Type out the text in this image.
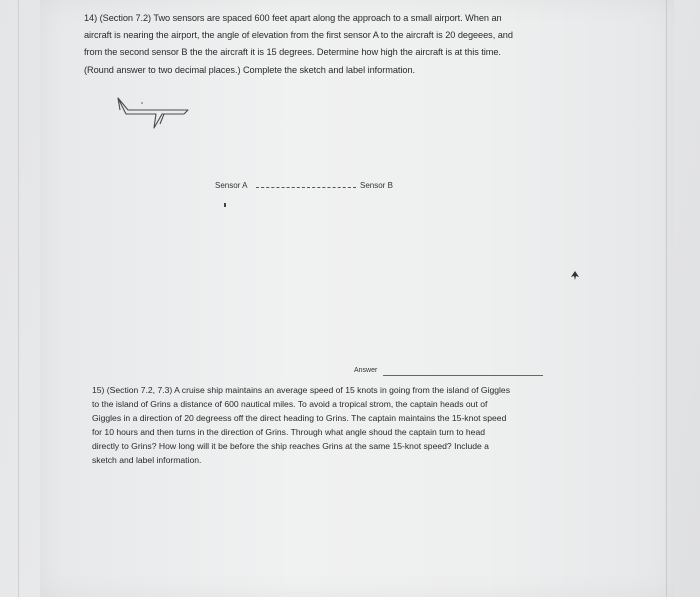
14) (Section 7.2) Two sensors are spaced 600 feet apart along the approach to a small airport. When an
aircraft is nearing the airport, the angle of elevation from the first sensor A to the aircraft is 20 degeees, and
from the second sensor B the the aircraft it is 15 degrees. Determine how high the aircraft is at this time.
(Round answer to two decimal places.) Complete the sketch and label information.
Sensor A	Sensor B
Answer
15) (Section 7.2, 7.3) A cruise ship maintains an average speed of 15 knots in going from the island of Giggles
to the island of Grins a distance of 600 nautical miles. To avoid a tropical strom, the captain heads out of
Giggles in a direction of 20 degreess off the direct heading to Grins. The captain maintains the 15-knot speed
for 10 hours and then turns in the direction of Grins. Through what angle shoud the captain turn to head
directly to Grins? How long will it be before the ship reaches Grins at the same 15-knot speed? Include a
sketch and label information.
